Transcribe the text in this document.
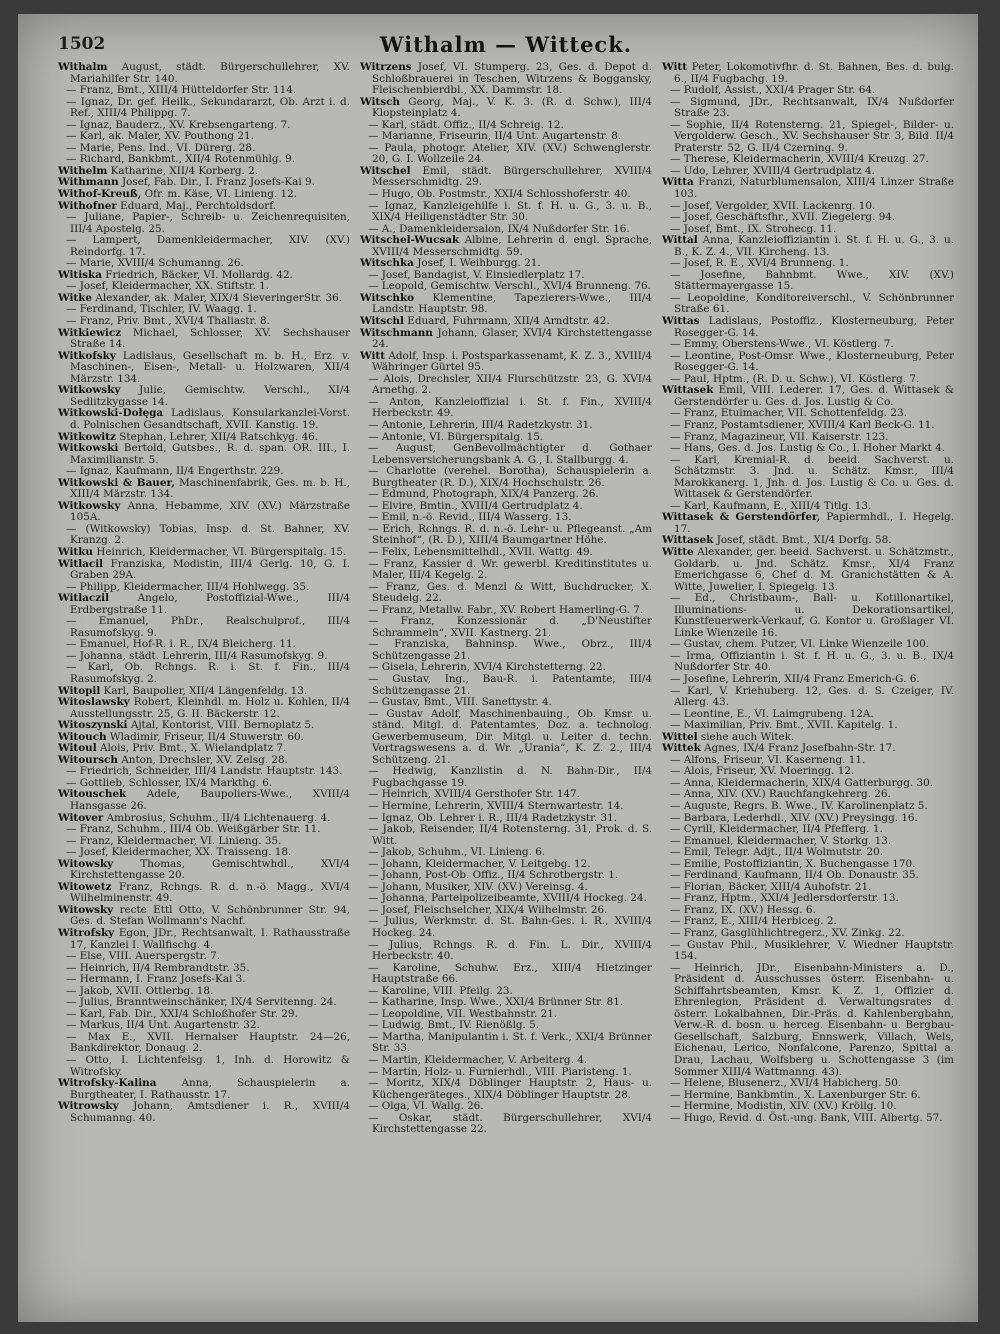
1502	Withalm — Witteck.

Withalm August, städt. Bürgerschullehrer, XV. Mariahilfer Str. 140.

— Franz, Bmt., XIII/4 Hütteldorfer Str. 114.

— Ignaz, Dr. gef. Heilk., Sekundararzt, Ob. Arzt i. d. Ref., XIII/4 Philippg. 7.

— Ignaz, Bauderz., XV. Krebsengarteng. 7.

— Karl, ak. Maler, XV. Pouthong 21.

— Marie, Pens. Ind., VI. Dürerg. 28.

— Richard, Bankbmt., XII/4 Rotenmühlg. 9.

Withelm Katharine, XII/4 Korberg. 2.

Withmann Josef, Fab. Dir., I. Franz Josefs-Kai 9.

Withof-Kreuß, Ofr. m. Käse, VI. Linieng. 12.

Withofner Eduard, Maj., Perchtoldsdorf.

— Juliane, Papier-, Schreib- u. Zeichenrequisiten, III/4 Apostelg. 25.

— Lampert, Damenkleidermacher, XIV. (XV.) Reindorfg. 17.

— Marie, XVIII/4 Schumanng. 26.

Witiska Friedrich, Bäcker, VI. Mollardg. 42.

— Josef, Kleidermacher, XX. Stiftstr. 1.

Witke Alexander, ak. Maler, XIX/4 SieveringerStr. 36.

— Ferdinand, Tischler, IV. Waagg. 1.

— Franz, Priv. Bmt., XVI/4 Thaliastr. 8.

Witkiewicz Michael, Schlosser, XV. Sechshauser Straße 14.

Witkofsky Ladislaus, Gesellschaft m. b. H., Erz. v. Maschinen-, Eisen-, Metall- u. Holzwaren, XII/4 Märzstr. 134.

Witkowsky Julie, Gemischtw. Verschl., XI/4 Sedlitzkygasse 14.

Witkowski-Dołęga Ladislaus, Konsularkanzlei-Vorst. d. Polnischen Gesandtschaft, XVII. Kanstig. 19.

Witkowitz Stephan, Lehrer, XII/4 Ratschkyg. 46.

Witkowski Bertold, Gutsbes., R. d. span. OR. III., I. Maximilianstr. 5.

— Ignaz, Kaufmann, II/4 Engerthstr. 229.

Witkowski & Bauer, Maschinenfabrik, Ges. m. b. H., XIII/4 Märzstr. 134.

Witkowsky Anna, Hebamme, XIV. (XV.) Märzstraße 105A.

— (Witkowsky) Tobias, Insp. d. St. Bahner, XV. Kranzg. 2.

Witku Heinrich, Kleidermacher, VI. Bürgerspitalg. 15.

Witlacil Franziska, Modistin, III/4 Gerlg. 10, G. I. Graben 29A.

— Philipp, Kleidermacher, III/4 Hohlwegg. 35.

Witlaczil	Angelo, Postoffizial-Wwe., III/4 Erdbergstraße 11.

— Emanuel, PhDr., Realschulprof., III/4 Rasumofskyg. 9.

— Emanuel, Hof-R. i. R., IX/4 Bleicherg. 11.

— Johanna, städt. Lehrerin, III/4 Rasumofskyg. 9.

— Karl, Ob. Rchngs. R. i. St. f. Fin., III/4 Rasumofskyg. 2.

Witopil Karl, Baupolier, XII/4 Längenfeldg. 13.

Witoslawsky Robert, Kleinhdl. m. Holz u. Kohlen, II/4 Ausstellungsstr. 25, G. II. Bäckerstr. 12.

Witoszynski Ajtal, Kontorist, VIII. Bernoplatz 5.

Witouch Wladimir, Friseur, II/4 Stuwerstr. 60.

Witoul Alois, Priv. Bmt., X. Wielandplatz 7.

Witoursch Anton, Drechsler, XV. Zelsg. 28.

— Friedrich, Schneider, III/4 Landstr. Hauptstr. 143.

— Gottlieb, Schlosser, IX/4 Markthg. 6.

Witouschek Adele, Baupoliers-Wwe., XVIII/4 Hansgasse 26.

Witover Ambrosius, Schuhm., II/4 Lichtenauerg. 4.

— Franz, Schuhm., III/4 Ob. Weißgärber Str. 11.

— Franz, Kleidermacher, VI. Linieng. 35.

— Josef, Kleidermacher, XX. Traisseng. 18.

Witowsky	Thomas, Gemischtwhdl., XVI/4 Kirchstettengasse 20.

Witowetz Franz, Rchngs. R. d. n.-ö. Magg., XVI/4 Wilhelminenstr. 49.

Witowsky recte Ettl Otto, V. Schönbrunner Str. 94, Ges. d. Stefan Wollmann's Nachf.

Witrofsky Egon, JDr., Rechtsanwalt, I. Rathausstraße 17, Kanzlei I. Wallfischg. 4.

— Else, VIII. Auerspergstr. 7.

— Heinrich, II/4 Rembrandtstr. 35.

— Hermann, I. Franz Josefs-Kai 3.

— Jakob, XVII. Ottlerbg. 18.

— Julius, Branntweinschänker, IX/4 Servitenng. 24.

— Karl, Fab. Dir., XXI/4 Schloßhofer Str. 29.

— Markus, II/4 Unt. Augartenstr. 32.

— Max E., XVII. Hernalser Hauptstr. 24—26, Bankdirektor, Donaug. 2.

— Otto, I. Lichtenfelsg. 1, Inh. d. Horowitz & Witrofsky.

Witrofsky-Kalina Anna, Schauspielerin a. Burgtheater, I. Rathausstr. 17.

Witrowsky Johann, Amtsdiener i. R., XVIII/4 Schumanng. 40.

Witrzens Josef, VI. Stumperg. 23, Ges. d. Depot d. Schloßbrauerei in Teschen, Witrzens & Boggansky, Fleischenbierdbl., XX. Dammstr. 18.

Witsch Georg, Maj., V. K. 3. (R. d. Schw.), III/4 Klopsteinplatz 4.

— Karl, städt. Offiz., II/4 Schreig. 12.

— Marianne, Friseurin, II/4 Unt. Augartenstr. 8.

— Paula, photogr. Atelier, XIV. (XV.) Schwenglerstr. 20, G. I. Wollzeile 24.

Witschel Emil, städt. Bürgerschullehrer, XVIII/4 Messerschmidtg. 29.

— Hugo, Ob. Postmstr., XXI/4 Schlosshoferstr. 40.

— Ignaz, Kanzleigehilfe i. St. f. H. u. G., 3. u. B., XIX/4 Heiligenstädter Str. 30.

— A., Damenkleidersalon, IX/4 Nußdorfer Str. 16.

Witschel-Wucsak Albine, Lehrerin d. engl. Sprache, XVIII/4 Messerschmidtg. 59.

Witschka Josef, I. Weihburgg. 21.

— Josef, Bandagist, V. Einsiedlerplatz 17.

— Leopold, Gemischtw. Verschl., XVI/4 Brunneng. 76.

Witschko Klementine, Tapezierers-Wwe., III/4 Landstr. Hauptstr. 98.

Witschl Eduard, Fuhrmann, XII/4 Arndtstr. 42.

Witschmann Johann, Glaser, XVI/4 Kirchstettengasse 24.

Witt Adolf, Insp. i. Postsparkassenamt, K. Z. 3., XVIII/4 Währinger Gürtel 95.

— Alois, Drechsler, XII/4 Flurschützstr. 23, G. XVI/4 Arnethg. 2.

— Anton, Kanzleioffizial i. St. f. Fin., XVIII/4 Herbeckstr. 49.

— Antonie, Lehrerin, III/4 Radetzkystr. 31.

— Antonie, VI. Bürgerspitalg. 15.

— August, GenBevollmächtigter d. Gothaer Lebensversicherungsbank A. G., I. Stallburgg. 4.

— Charlotte (verehel. Borotha), Schauspielerin a. Burgtheater (R. D.), XIX/4 Hochschulstr. 26.

— Edmund, Photograph, XIX/4 Panzerg. 26.

— Elvire, Bmtin., XVIII/4 Gertrudplatz 4.

— Emil, n.-ö. Revid., III/4 Wasserg. 13.

— Erich, Rchngs. R. d. n.-ö. Lehr- u. Pflegeanst. „Am Steinhof“, (R. D.), XIII/4 Baumgartner Höhe.

— Felix, Lebensmittelhdl., XVII. Wattg. 49.

— Franz, Kassier d. Wr. gewerbl. Kreditinstitutes u. Maler, III/4 Kegelg. 2.

— Franz, Ges. d. Menzl & Witt, Buchdrucker, X. Steudelg. 22.

— Franz, Metallw. Fabr., XV. Robert Hamerling-G. 7.

— Franz, Konzessionär d. „D'Neustifter Schrammeln“, XVII. Kastnerg. 21.

— Franziska, Bahninsp. Wwe., Obrz., III/4 Schützengasse 21.

— Gisela, Lehrerin, XVI/4 Kirchstetterng. 22.

— Gustav, Ing., Bau-R. i. Patentamte, III/4 Schützengasse 21.

— Gustav, Bmt., VIII. Sanettystr. 4.

— Gustav Adolf, Maschinenbauing., Ob. Kmsr. u. ständ. Mitgl. d. Patentamtes, Doz. a. technolog. Gewerbemuseum, Dir. Mitgl. u. Leiter d. techn. Vortragswesens a. d. Wr. „Urania“, K. Z. 2., III/4 Schützeng. 21.

— Hedwig, Kanzlistin d. N. Bahn-Dir., II/4 Fugbachgasse 19.

— Heinrich, XVIII/4 Gersthofer Str. 147.

— Hermine, Lehrerin, XVIII/4 Sternwartestr. 14.

— Ignaz, Ob. Lehrer i. R., III/4 Radetzkystr. 31.

— Jakob, Reisender, II/4 Rotensterng. 31, Prok. d. S. Witt.

— Jakob, Schuhm., VI. Linieng. 6.

— Johann, Kleidermacher, V. Leitgebg. 12.

— Johann, Post-Ob. Offiz., II/4 Schrotbergstr. 1.

— Johann, Musiker, XIV. (XV.) Vereinsg. 4.

— Johanna, Parteipolizeibeamte, XVIII/4 Hockeg. 24.

— Josef, Fleischselcher, XIX/4 Wilhelmstr. 26.

— Julius, Werkmstr. d. St. Bahn-Ges. i. R., XVIII/4 Hockeg. 24.

— Julius, Rchngs. R. d. Fin. L. Dir., XVIII/4 Herbeckstr. 40.

— Karoline, Schuhw. Erz., XIII/4 Hietzinger Hauptstraße 66.

— Karoline, VIII. Pfeilg. 23.

— Katharine, Insp. Wwe., XXI/4 Brünner Str. 81.

— Leopoldine, VII. Westbahnstr. 21.

— Ludwig, Bmt., IV. Rienößlg. 5.

— Martha, Manipulantin i. St. f. Verk., XXI/4 Brünner Str. 33.

— Martin, Kleidermacher, V. Arbeiterg. 4.

— Martin, Holz- u. Furnierhdl., VIII. Piaristeng. 1.

— Moritz, XIX/4 Döblinger Hauptstr. 2, Haus- u. Küchengeräteges., XIX/4 Döblinger Hauptstr. 28.

— Olga, VI. Wallg. 26.

— Oskar, städt. Bürgerschullehrer, XVI/4 Kirchstettengasse 22.

Witt Peter, Lokomotivfhr. d. St. Bahnen, Bes. d. bulg. 6., II/4 Fugbachg. 19.

— Rudolf, Assist., XXI/4 Prager Str. 64.

— Sigmund, JDr., Rechtsanwalt, IX/4 Nußdorfer Straße 23.

— Sophie, II/4 Rotensterng. 21, Spiegel-, Bilder- u. Vergolderw. Gesch., XV. Sechshauser Str. 3, Bild. II/4 Praterstr. 52, G. II/4 Czerning. 9.

— Therese, Kleidermacherin, XVIII/4 Kreuzg. 27.

— Udo, Lehrer, XVIII/4 Gertrudplatz 4.

Witta Franzi, Naturblumensalon, XIII/4 Linzer Straße 103.

— Josef, Vergolder, XVII. Lackenrg. 10.

— Josef, Geschäftsfhr., XVII. Ziegelerg. 94.

— Josef, Bmt., IX. Strohecg. 11.

Wittal Anna, Kanzleioffiziantin i. St. f. H. u. G., 3. u. B., K. Z. 4., VII. Kircheng. 13.

— Josef, R. E., XVI/4 Brunneng. 1.

— Josefine, Bahnbmt. Wwe., XIV. (XV.) Stättermayergasse 15.

— Leopoldine, Konditoreiverschl., V. Schönbrunner Straße 61.

Wittas Ladislaus, Postoffiz., Klosterneuburg, Peter Rosegger-G. 14.

— Emmy, Oberstens-Wwe., VI. Köstlerg. 7.

— Leontine, Post-Omsr. Wwe., Klosterneuburg, Peter Rosegger-G. 14.

— Paul, Hptm., (R. D. u. Schw.), VI. Köstlerg. 7.

Wittasek Emil, VIII. Lederer. 17, Ges. d. Wittasek & Gerstendörfer u. Ges. d. Jos. Lustig & Co.

— Franz, Etuimacher, VII. Schottenfeldg. 23.

— Franz, Postamtsdiener, XVIII/4 Karl Beck-G. 11.

— Franz, Magazineur, VII. Kaiserstr. 123.

— Hans, Ges. d. Jos. Lustig & Co., I. Hoher Markt 4.

— Karl, Kremial-R. d. beeid. Sachverst. u. Schätzmstr. 3. Jnd. u. Schätz. Kmsr., III/4 Marokkanerg. 1, Jnh. d. Jos. Lustig & Co. u. Ges. d. Wittasek & Gerstendörfer.

— Karl, Kaufmann, E., XIII/4 Titlg. 13.

Wittasek & Gerstendörfer, Papiermhdl., I. Hegelg. 17.

Wittasek Josef, städt. Bmt., XI/4 Dorfg. 58.

Witte Alexander, ger. beeid. Sachverst. u. Schätzmstr., Goldarb. u. Jnd. Schätz. Kmsr., XI/4 Franz Emerichgasse 6, Chef d. M. Granichstätten & A. Witte, Juwelier, I. Spiegelg. 13.

— Ed., Christbaum-, Ball- u. Kotillonartikel, Illuminations- u. Dekorationsartikel, Kunstfeuerwerk-Verkauf, G. Kontor u. Großlager VI. Linke Wienzeile 16.

— Gustav, chem. Putzer, VI. Linke Wienzeile 100.

— Irma, Offiziantin i. St. f. H. u. G., 3. u. B., IX/4 Nußdorfer Str. 40.

— Josefine, Lehrerin, XII/4 Franz Emerich-G. 6.

— Karl, V. Kriehuberg. 12, Ges. d. S. Czeiger, IV. Allerg. 43.

— Leontine, E., VI. Laimgrubeng. 12A.

— Maximilian, Priv. Bmt., XVII. Kapitelg. 1.

Wittel siehe auch Witek.

Wittek Agnes, IX/4 Franz Josefbahn-Str. 17.

— Alfons, Friseur, VI. Kaserneng. 11.

— Alois, Friseur, XV. Moeringg. 12.

— Anna, Kleidermacherin, XIX/4 Gatterburgg. 30.

— Anna, XIV. (XV.) Rauchfangkehrerg. 26.

— Auguste, Regrs. B. Wwe., IV. Karolinenplatz 5.

— Barbara, Lederhdl., XIV. (XV.) Preysingg. 16.

— Cyrill, Kleidermacher, II/4 Pfefferg. 1.

— Emanuel, Kleidermacher, V. Storkg. 13.

— Emil, Telegr. Adjt., II/4 Wolmutstr. 20.

— Emilie, Postoffiziantin, X. Buchengasse 170.

— Ferdinand, Kaufmann, II/4 Ob. Donaustr. 35.

— Florian, Bäcker, XIII/4 Auhofstr. 21.

— Franz, Hptm., XXI/4 Jedlersdorferstr. 13.

— Franz, IX. (XV.) Hessg. 6.

— Franz, E., XIII/4 Herbiceg. 2.

— Franz, Gasglühlichtregerz., XV. Zinkg. 22.

— Gustav Phil., Musiklehrer, V. Wiedner Hauptstr. 154.

— Heinrich, JDr., Eisenbahn-Ministers a. D., Präsident d. Ausschusses österr. Eisenbahn- u. Schiffahrtsbeamten, Kmsr. K. Z. 1, Offizier d. Ehrenlegion, Präsident d. Verwaltungsrates d. österr. Lokalbahnen, Dir.-Präs. d. Kahlenbergbahn, Verw.-R. d. bosn. u. herceg. Eisenbahn- u. Bergbau-Gesellschaft, Salzburg, Ennswerk, Villach, Wels, Eichenau, Lerico, Nonfalcone, Parenzo, Spittal a. Drau, Lachau, Wolfsberg u. Schottengasse 3 (im Sommer XIII/4 Wattmanng. 43).

— Helene, Blusenerz., XVI/4 Habicherg. 50.

— Hermine, Bankbmtin., X. Laxenburger Str. 6.

— Hermine, Modistin, XIV. (XV.) Kröllg. 10.

— Hugo, Revid. d. Öst.-ung. Bank, VIII. Albertg. 57.
